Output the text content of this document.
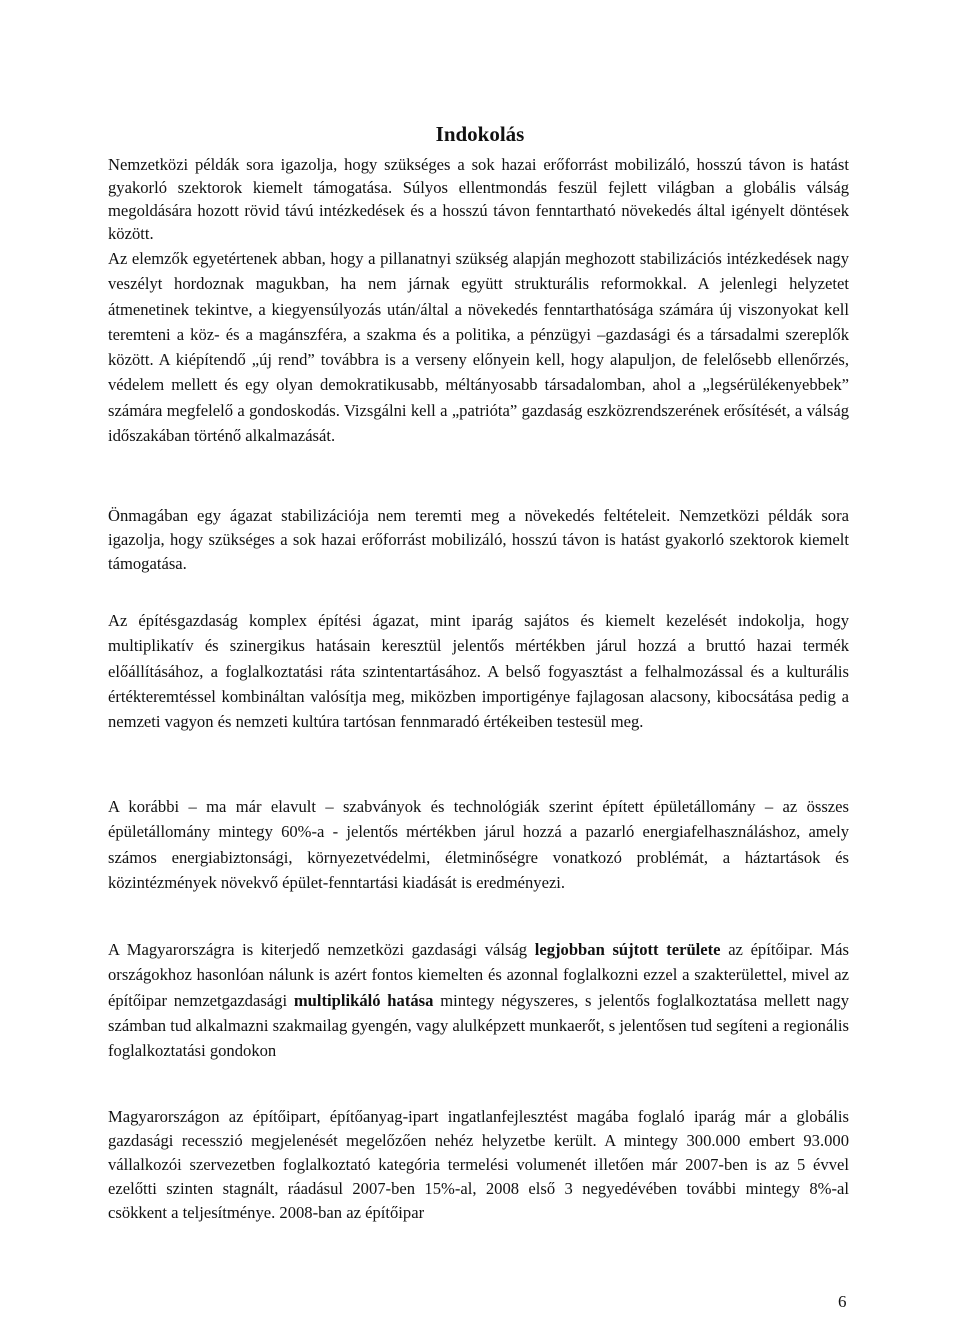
Indokolás

Nemzetközi példák sora igazolja, hogy szükséges a sok hazai erőforrást mobilizáló, hosszú távon is hatást gyakorló szektorok kiemelt támogatása. Súlyos ellentmondás feszül fejlett világban a globális válság megoldására hozott rövid távú intézkedések és a hosszú távon fenntartható növekedés által igényelt döntések között.

Az elemzők egyetértenek abban, hogy a pillanatnyi szükség alapján meghozott stabilizációs intézkedések nagy veszélyt hordoznak magukban, ha nem járnak együtt strukturális reformokkal. A jelenlegi helyzetet átmenetinek tekintve, a kiegyensúlyozás után/által a növekedés fenntarthatósága számára új viszonyokat kell teremteni a köz- és a magánszféra, a szakma és a politika, a pénzügyi –gazdasági és a társadalmi szereplők között. A kiépítendő „új rend” továbbra is a verseny előnyein kell, hogy alapuljon, de felelősebb ellenőrzés, védelem mellett és egy olyan demokratikusabb, méltányosabb társadalomban, ahol a „legsérülékenyebbek” számára megfelelő a gondoskodás. Vizsgálni kell a „patrióta” gazdaság eszközrendszerének erősítését, a válság időszakában történő alkalmazását.

Önmagában egy ágazat stabilizációja nem teremti meg a növekedés feltételeit. Nemzetközi példák sora igazolja, hogy szükséges a sok hazai erőforrást mobilizáló, hosszú távon is hatást gyakorló szektorok kiemelt támogatása.

Az építésgazdaság komplex építési ágazat, mint iparág sajátos és kiemelt kezelését indokolja, hogy multiplikatív és szinergikus hatásain keresztül jelentős mértékben járul hozzá a bruttó hazai termék előállításához, a foglalkoztatási ráta szintentartásához. A belső fogyasztást a felhalmozással és a kulturális értékteremtéssel kombináltan valósítja meg, miközben importigénye fajlagosan alacsony, kibocsátása pedig a nemzeti vagyon és nemzeti kultúra tartósan fennmaradó értékeiben testesül meg.

A korábbi – ma már elavult – szabványok és technológiák szerint épített épületállomány – az összes épületállomány mintegy 60%-a - jelentős mértékben járul hozzá a pazarló energiafelhasználáshoz, amely számos energiabiztonsági, környezetvédelmi, életminőségre vonatkozó problémát, a háztartások és közintézmények növekvő épület-fenntartási kiadását is eredményezi.

A Magyarországra is kiterjedő nemzetközi gazdasági válság legjobban sújtott területe az építőipar. Más országokhoz hasonlóan nálunk is azért fontos kiemelten és azonnal foglalkozni ezzel a szakterülettel, mivel az építőipar nemzetgazdasági multiplikáló hatása mintegy négyszeres, s jelentős foglalkoztatása mellett nagy számban tud alkalmazni szakmailag gyengén, vagy alulképzett munkaerőt, s jelentősen tud segíteni a regionális foglalkoztatási gondokon

Magyarországon az építőipart, építőanyag-ipart ingatlanfejlesztést magába foglaló iparág már a globális gazdasági recesszió megjelenését megelőzően nehéz helyzetbe került. A mintegy 300.000 embert 93.000 vállalkozói szervezetben foglalkoztató kategória termelési volumenét illetően már 2007-ben is az 5 évvel ezelőtti szinten stagnált, ráadásul 2007-ben 15%-al, 2008 első 3 negyedévében további mintegy 8%-al csökkent a teljesítménye. 2008-ban az építőipar

6
